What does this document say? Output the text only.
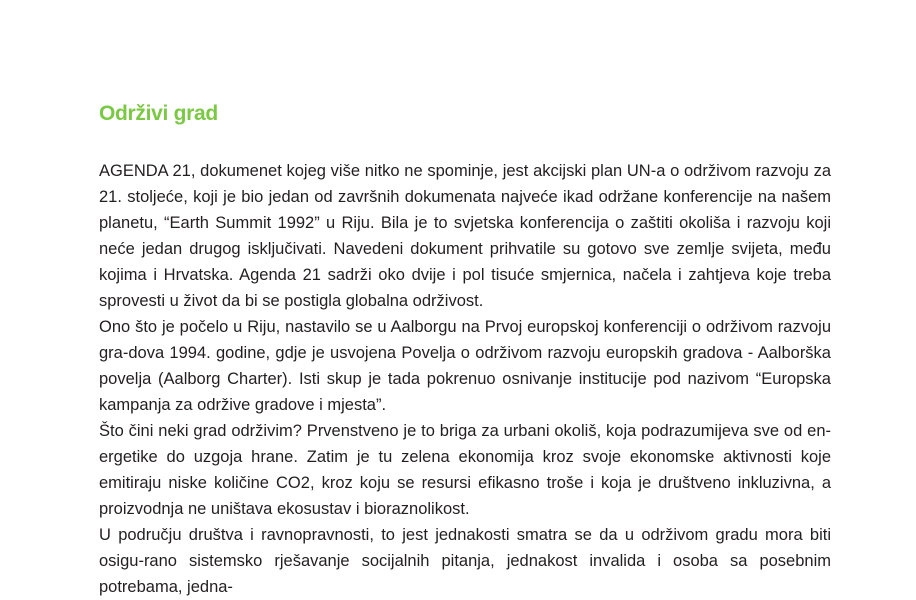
Održivi grad

AGENDA 21, dokumenet kojeg više nitko ne spominje, jest akcijski plan UN-a o održivom razvoju za 21. stoljeće, koji je bio jedan od završnih dokumenata najveće ikad održane konferencije na našem planetu, “Earth Summit 1992” u Riju. Bila je to svjetska konferencija o zaštiti okoliša i razvoju koji neće jedan drugog isključivati. Navedeni dokument prihvatile su gotovo sve zemlje svijeta, među kojima i Hrvatska. Agenda 21 sadrži oko dvije i pol tisuće smjernica, načela i zahtjeva koje treba sprovesti u život da bi se postigla globalna održivost.

Ono što je počelo u Riju, nastavilo se u Aalborgu na Prvoj europskoj konferenciji o održivom razvoju gra-dova 1994. godine, gdje je usvojena Povelja o održivom razvoju europskih gradova - Aalborška povelja (Aalborg Charter). Isti skup je tada pokrenuo osnivanje institucije pod nazivom “Europska kampanja za održive gradove i mjesta”.

Što čini neki grad održivim? Prvenstveno je to briga za urbani okoliš, koja podrazumijeva sve od en-ergetike do uzgoja hrane. Zatim je tu zelena ekonomija kroz svoje ekonomske aktivnosti koje emitiraju niske količine CO2, kroz koju se resursi efikasno troše i koja je društveno inkluzivna, a proizvodnja ne uništava ekosustav i bioraznolikost.

U području društva i ravnopravnosti, to jest jednakosti smatra se da u održivom gradu mora biti osigu-rano sistemsko rješavanje socijalnih pitanja, jednakost invalida i osoba sa posebnim potrebama, jedna-
